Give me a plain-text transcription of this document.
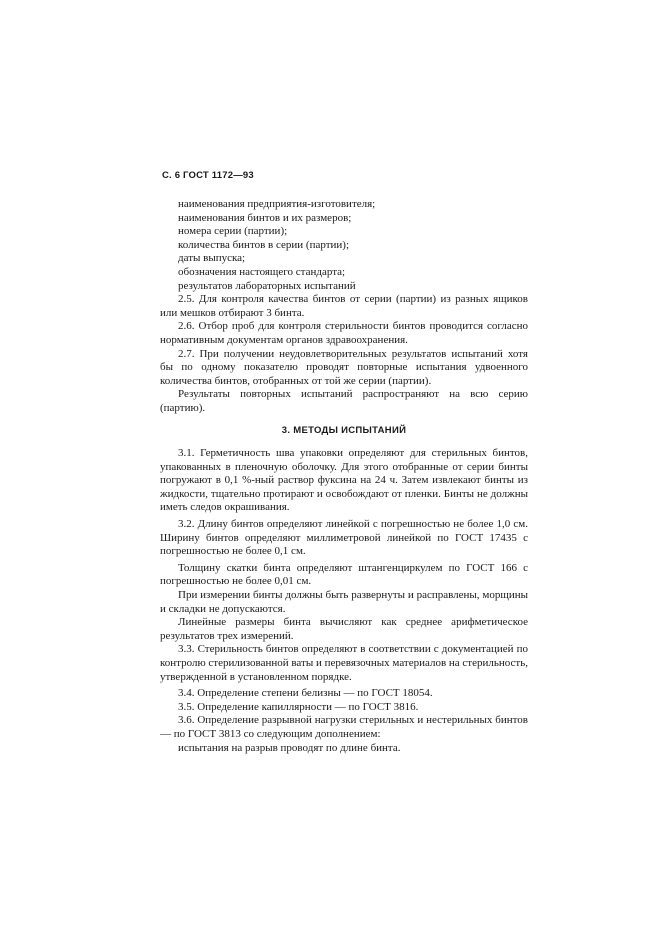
С. 6 ГОСТ 1172—93
наименования предприятия-изготовителя;
наименования бинтов и их размеров;
номера серии (партии);
количества бинтов в серии (партии);
даты выпуска;
обозначения настоящего стандарта;
результатов лабораторных испытаний
2.5. Для контроля качества бинтов от серии (партии) из разных ящиков или мешков отбирают 3 бинта.
2.6. Отбор проб для контроля стерильности бинтов проводится согласно нормативным документам органов здравоохранения.
2.7. При получении неудовлетворительных результатов испытаний хотя бы по одному показателю проводят повторные испытания удвоенного количества бинтов, отобранных от той же серии (партии).
Результаты повторных испытаний распространяют на всю серию (партию).
3. МЕТОДЫ ИСПЫТАНИЙ
3.1. Герметичность шва упаковки определяют для стерильных бинтов, упакованных в пленочную оболочку. Для этого отобранные от серии бинты погружают в 0,1 %-ный раствор фуксина на 24 ч. Затем извлекают бинты из жидкости, тщательно протирают и освобождают от пленки. Бинты не должны иметь следов окрашивания.
3.2. Длину бинтов определяют линейкой с погрешностью не более 1,0 см. Ширину бинтов определяют миллиметровой линейкой по ГОСТ 17435 с погрешностью не более 0,1 см.
Толщину скатки бинта определяют штангенциркулем по ГОСТ 166 с погрешностью не более 0,01 см.
При измерении бинты должны быть развернуты и расправлены, морщины и складки не допускаются.
Линейные размеры бинта вычисляют как среднее арифметическое результатов трех измерений.
3.3. Стерильность бинтов определяют в соответствии с документацией по контролю стерилизованной ваты и перевязочных материалов на стерильность, утвержденной в установленном порядке.
3.4. Определение степени белизны — по ГОСТ 18054.
3.5. Определение капиллярности — по ГОСТ 3816.
3.6. Определение разрывной нагрузки стерильных и нестерильных бинтов — по ГОСТ 3813 со следующим дополнением:
испытания на разрыв проводят по длине бинта.
